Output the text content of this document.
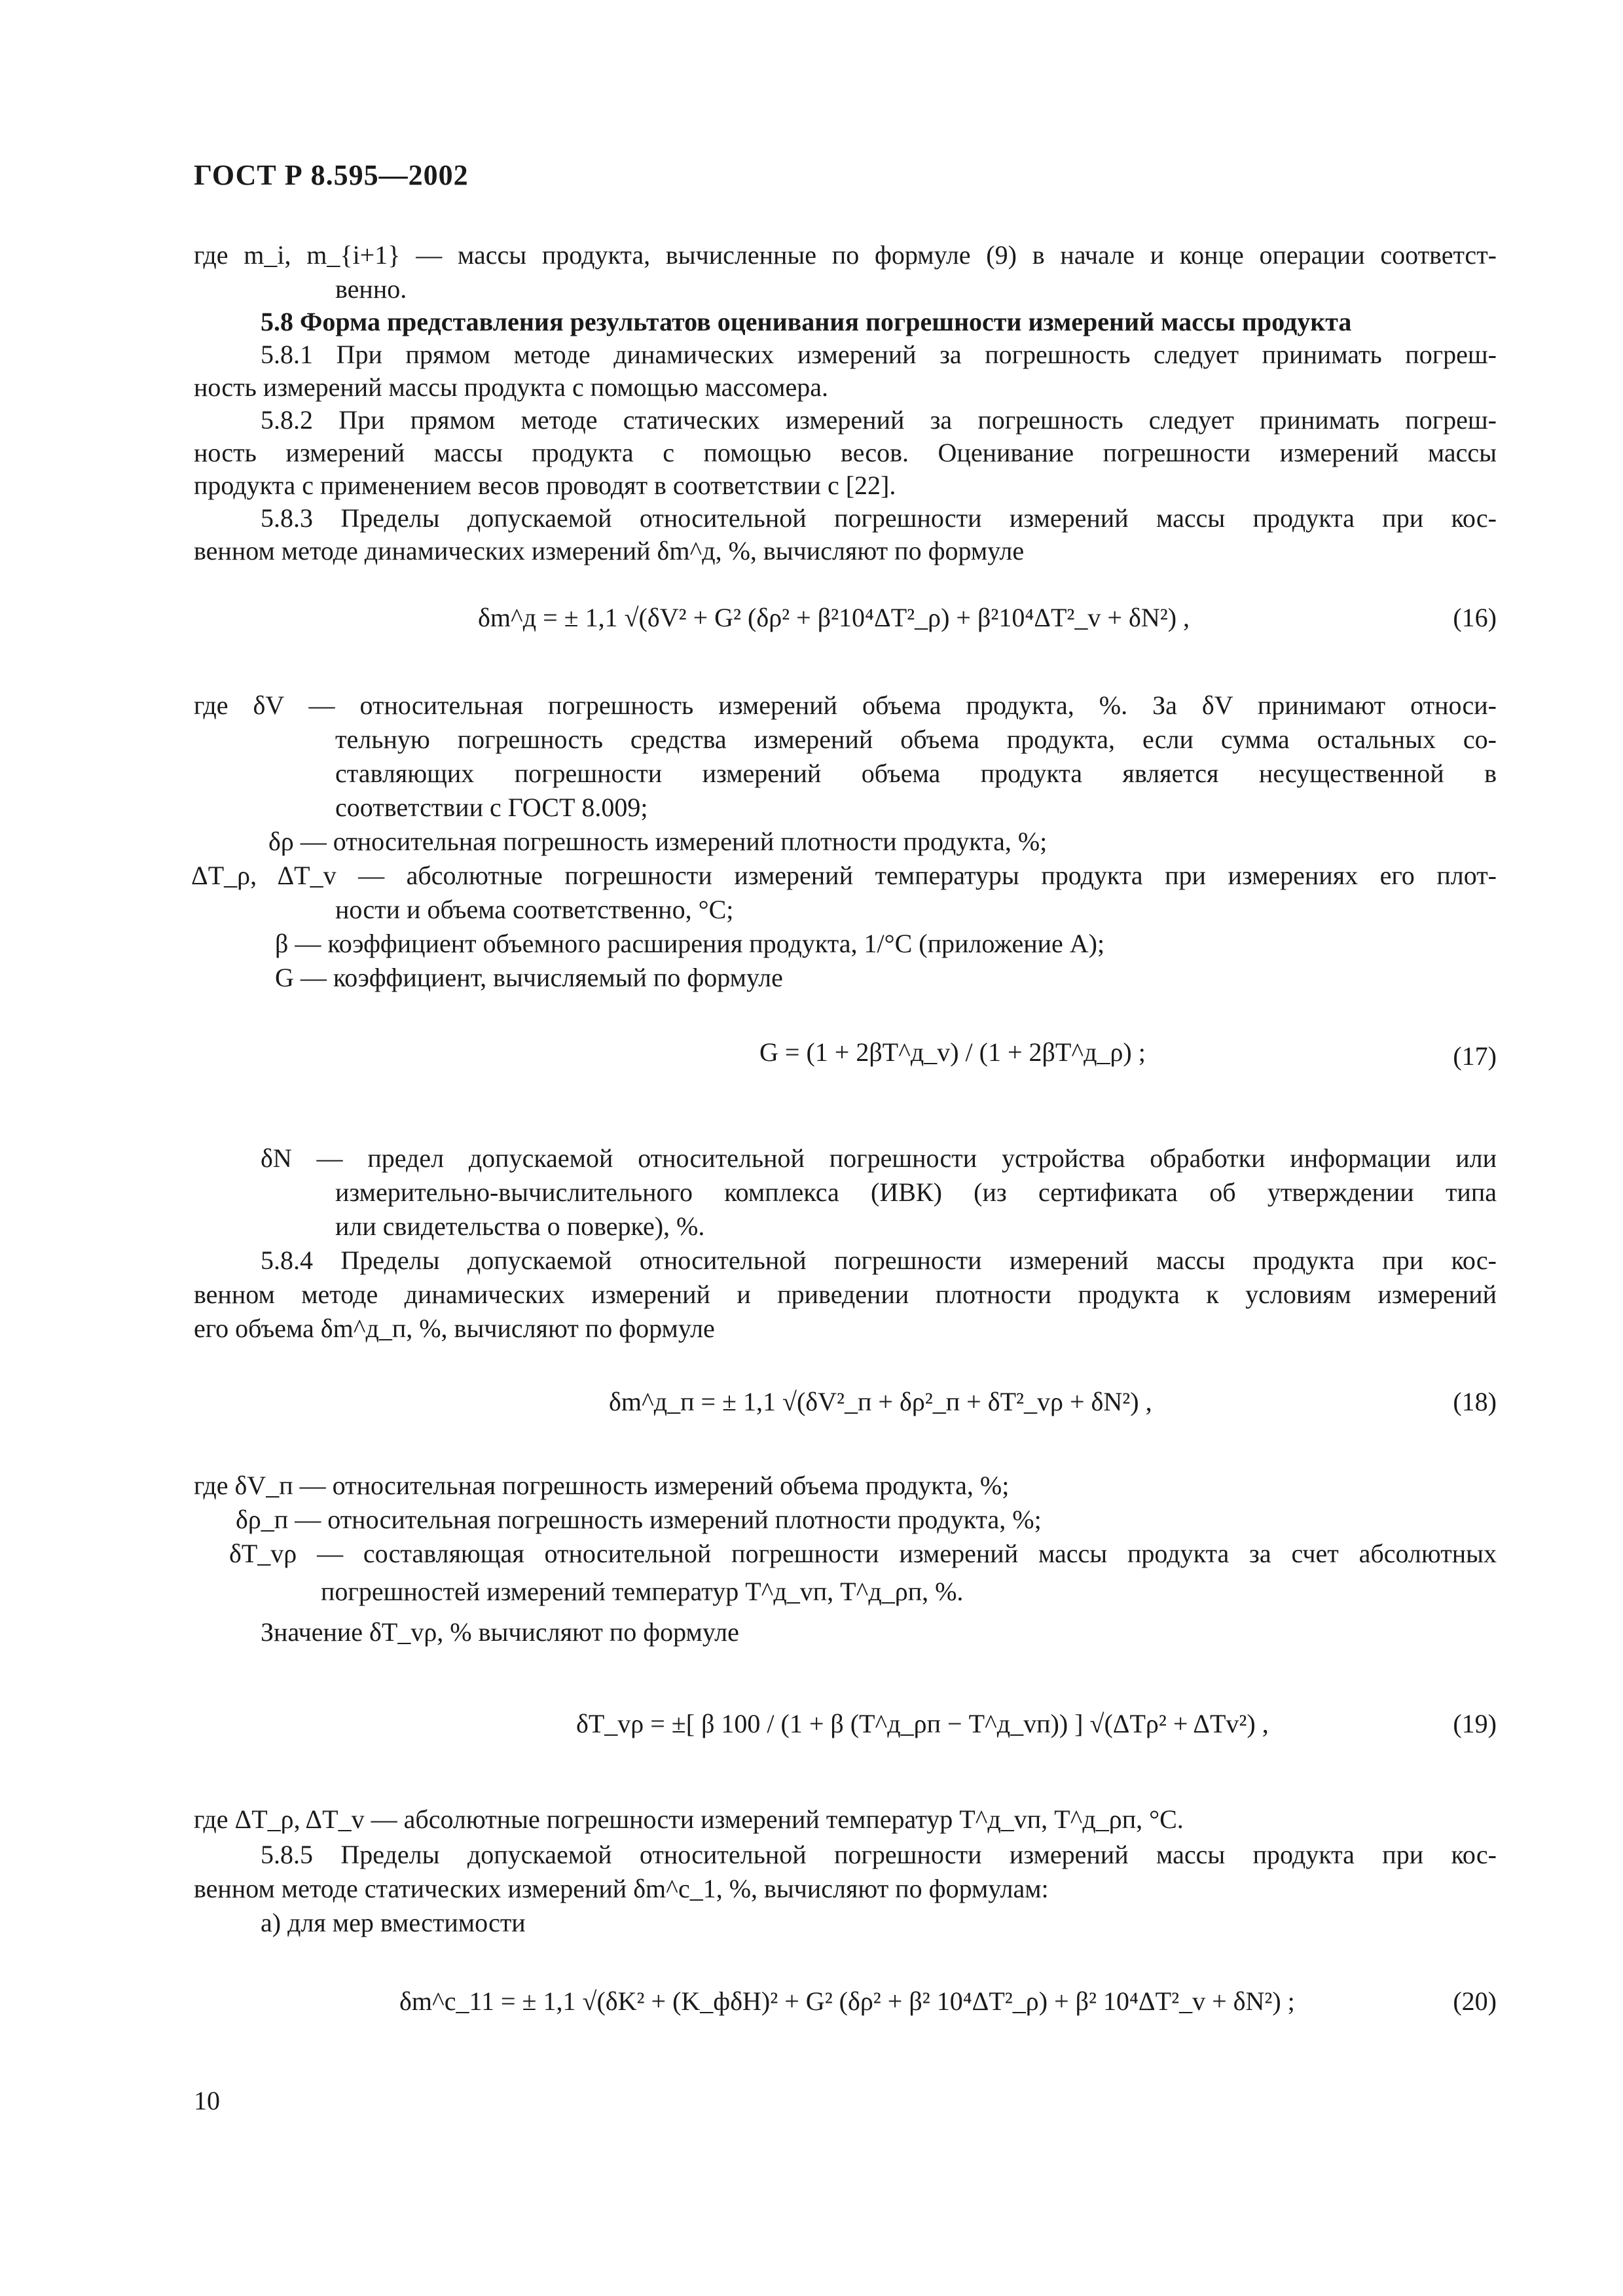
ГОСТ Р 8.595—2002
где m_i, m_{i+1} — массы продукта, вычисленные по формуле (9) в начале и конце операции соответст-
венно.
5.8 Форма представления результатов оценивания погрешности измерений массы продукта
5.8.1 При прямом методе динамических измерений за погрешность следует принимать погреш-
ность измерений массы продукта с помощью массомера.
5.8.2 При прямом методе статических измерений за погрешность следует принимать погреш-
ность измерений массы продукта с помощью весов. Оценивание погрешности измерений массы
продукта с применением весов проводят в соответствии с [22].
5.8.3 Пределы допускаемой относительной погрешности измерений массы продукта при кос-
венном методе динамических измерений δm^д, %, вычисляют по формуле
δm^д = ± 1,1 √(δV² + G² (δρ² + β²10⁴ΔT²_ρ) + β²10⁴ΔT²_v + δN²) ,	(16)
где δV — относительная погрешность измерений объема продукта, %. За δV принимают относи-
тельную погрешность средства измерений объема продукта, если сумма остальных со-
ставляющих погрешности измерений объема продукта является несущественной в
соответствии с ГОСТ 8.009;
δρ — относительная погрешность измерений плотности продукта, %;
ΔT_ρ, ΔT_v — абсолютные погрешности измерений температуры продукта при измерениях его плот-
ности и объема соответственно, °С;
β — коэффициент объемного расширения продукта, 1/°С (приложение А);
G — коэффициент, вычисляемый по формуле
G = (1 + 2βT^д_v) / (1 + 2βT^д_ρ) ;	(17)
δN — предел допускаемой относительной погрешности устройства обработки информации или
измерительно-вычислительного комплекса (ИВК) (из сертификата об утверждении типа
или свидетельства о поверке), %.
5.8.4 Пределы допускаемой относительной погрешности измерений массы продукта при кос-
венном методе динамических измерений и приведении плотности продукта к условиям измерений
его объема δm^д_п, %, вычисляют по формуле
δm^д_п = ± 1,1 √(δV²_п + δρ²_п + δT²_vρ + δN²) ,	(18)
где δV_п — относительная погрешность измерений объема продукта, %;
δρ_п — относительная погрешность измерений плотности продукта, %;
δT_vρ — составляющая относительной погрешности измерений массы продукта за счет абсолютных
погрешностей измерений температур T^д_vп, T^д_ρп, %.
Значение δT_vρ, % вычисляют по формуле
δT_vρ = ±[ β 100 / (1 + β (T^д_ρп − T^д_vп)) ] √(ΔTρ² + ΔTv²) ,	(19)
где ΔT_ρ, ΔT_v — абсолютные погрешности измерений температур T^д_vп, T^д_ρп, °С.
5.8.5 Пределы допускаемой относительной погрешности измерений массы продукта при кос-
венном методе статических измерений δm^с_1, %, вычисляют по формулам:
а) для мер вместимости
δm^с_11 = ± 1,1 √(δK² + (K_фδH)² + G² (δρ² + β² 10⁴ΔT²_ρ) + β² 10⁴ΔT²_v + δN²) ;	(20)
10
